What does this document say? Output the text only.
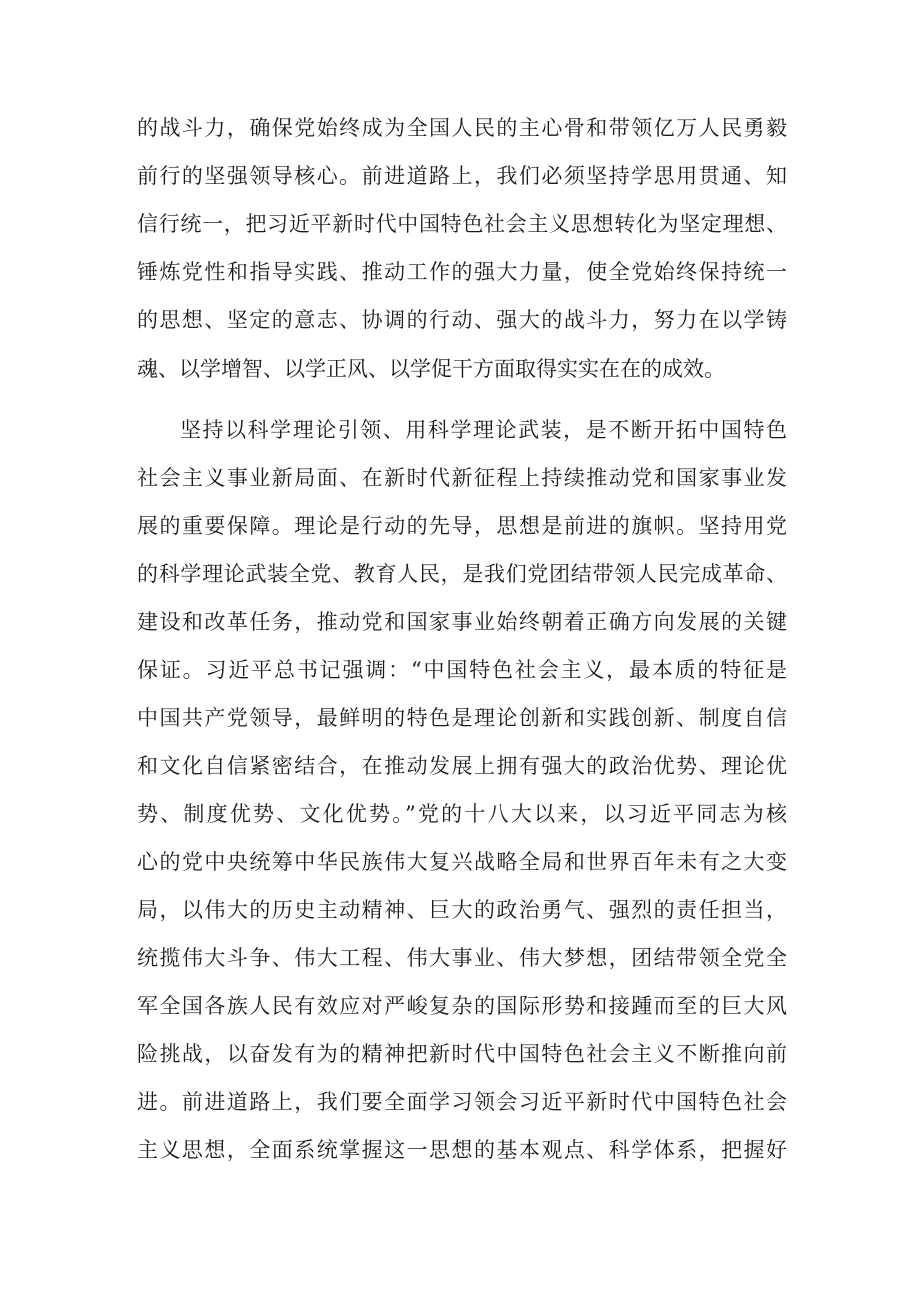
的战斗力，确保党始终成为全国人民的主心骨和带领亿万人民勇毅

前行的坚强领导核心。前进道路上，我们必须坚持学思用贯通、知

信行统一，把习近平新时代中国特色社会主义思想转化为坚定理想、

锤炼党性和指导实践、推动工作的强大力量，使全党始终保持统一

的思想、坚定的意志、协调的行动、强大的战斗力，努力在以学铸

魂、以学增智、以学正风、以学促干方面取得实实在在的成效。

坚持以科学理论引领、用科学理论武装，是不断开拓中国特色

社会主义事业新局面、在新时代新征程上持续推动党和国家事业发

展的重要保障。理论是行动的先导，思想是前进的旗帜。坚持用党

的科学理论武装全党、教育人民，是我们党团结带领人民完成革命、

建设和改革任务，推动党和国家事业始终朝着正确方向发展的关键

保证。习近平总书记强调：“中国特色社会主义，最本质的特征是

中国共产党领导，最鲜明的特色是理论创新和实践创新、制度自信

和文化自信紧密结合，在推动发展上拥有强大的政治优势、理论优

势、制度优势、文化优势。”党的十八大以来，以习近平同志为核

心的党中央统筹中华民族伟大复兴战略全局和世界百年未有之大变

局，以伟大的历史主动精神、巨大的政治勇气、强烈的责任担当，

统揽伟大斗争、伟大工程、伟大事业、伟大梦想，团结带领全党全

军全国各族人民有效应对严峻复杂的国际形势和接踵而至的巨大风

险挑战，以奋发有为的精神把新时代中国特色社会主义不断推向前

进。前进道路上，我们要全面学习领会习近平新时代中国特色社会

主义思想，全面系统掌握这一思想的基本观点、科学体系，把握好
